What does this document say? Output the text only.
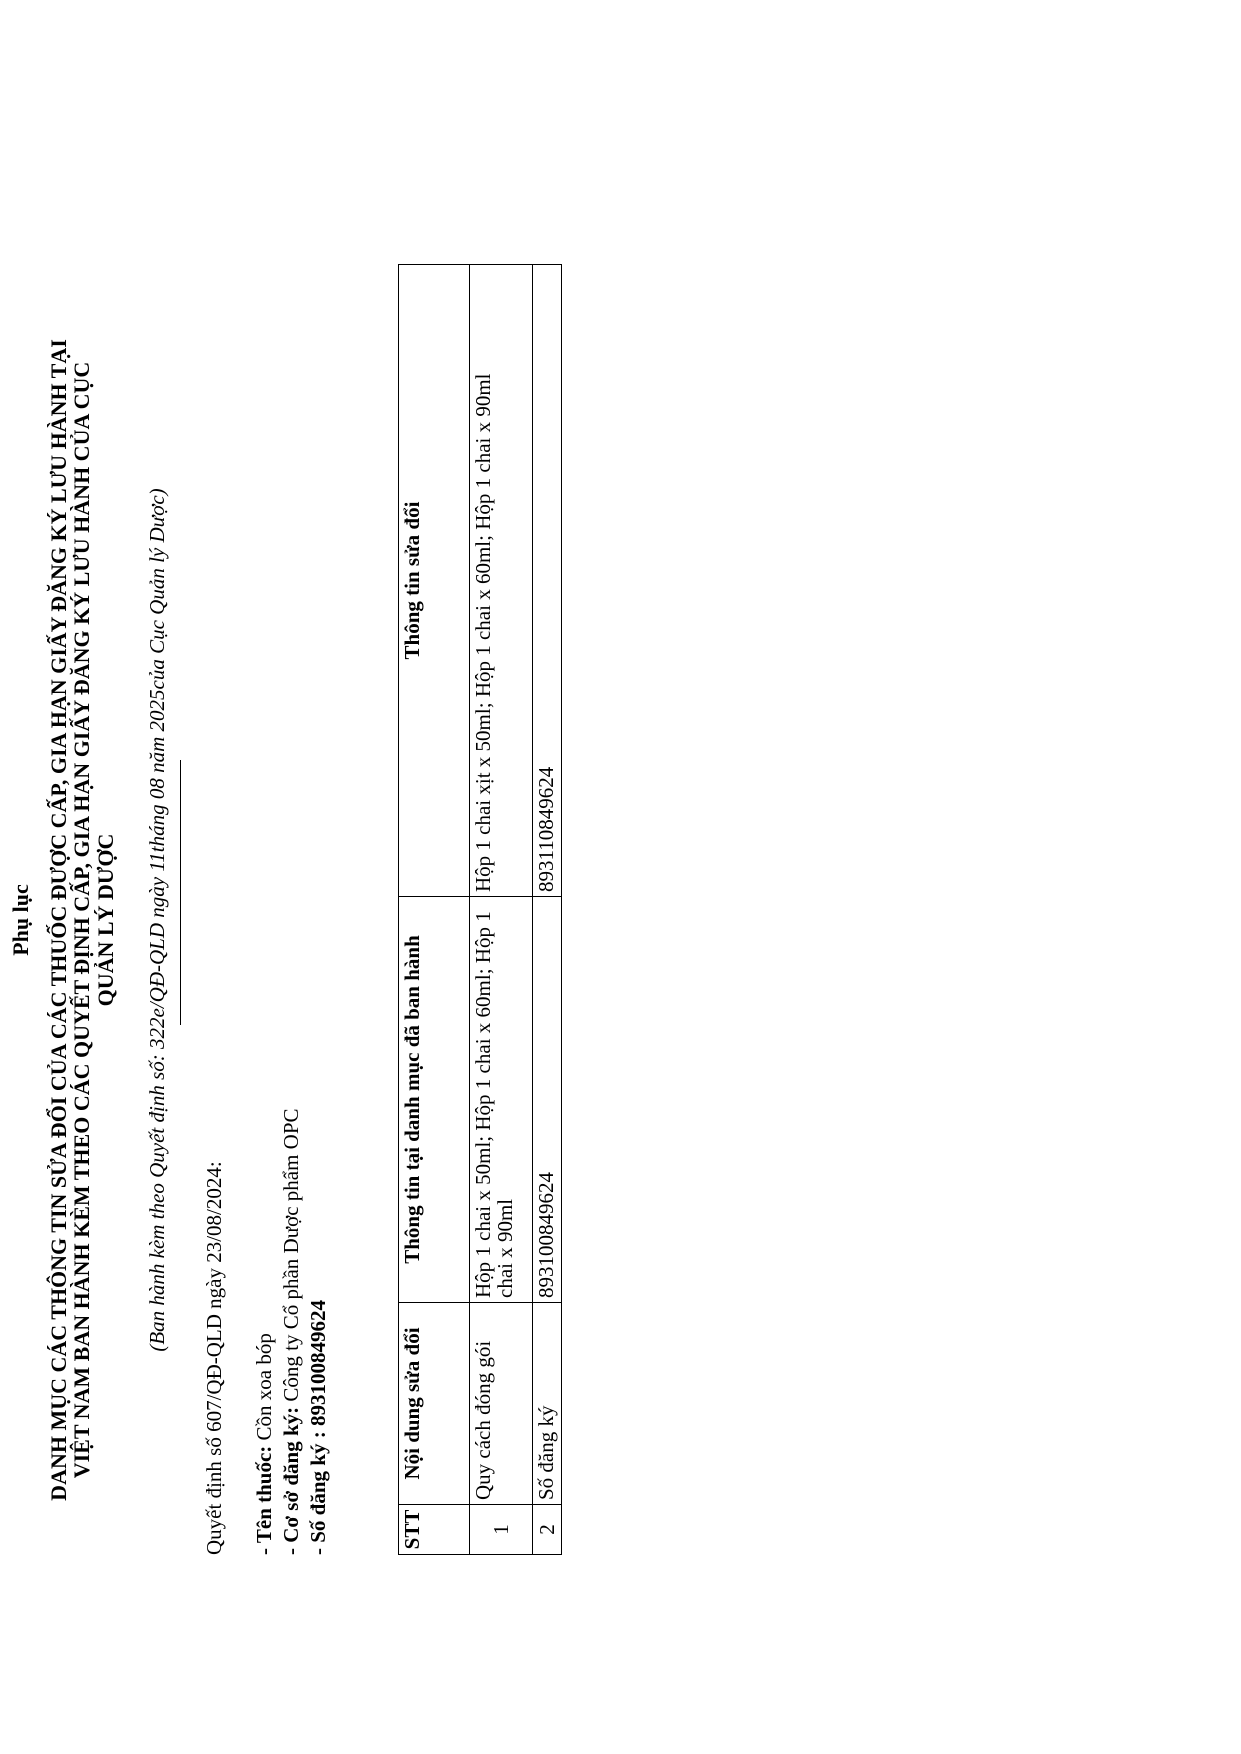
Phụ lục DANH MỤC CÁC THÔNG TIN SỬA ĐỔI CỦA CÁC THUỐC ĐƯỢC CẤP, GIA HẠN GIẤY ĐĂNG KÝ LƯU HÀNH TẠI
VIỆT NAM BAN HÀNH KÈM THEO CÁC QUYẾT ĐỊNH CẤP, GIA HẠN GIẤY ĐĂNG KÝ LƯU HÀNH CỦA CỤC QUẢN LÝ DƯỢC (Ban hành kèm theo Quyết định số: 322e/QĐ-QLD ngày 11tháng 08 năm 2025của Cục Quản lý Dược)
Quyết định số 607/QĐ-QLD ngày 23/08/2024: - Tên thuốc: Cồn xoa bóp
- Cơ sở đăng ký: Công ty Cổ phần Dược phẩm OPC
- Số đăng ký : 893100849624
STT	Nội dung sửa đổi	Thông tin tại danh mục đã ban hành	Thông tin sửa đổi
1	Quy cách đóng gói	Hộp 1 chai x 50ml; Hộp 1 chai x 60ml; Hộp 1 chai x 90ml	Hộp 1 chai xịt x 50ml; Hộp 1 chai x 60ml; Hộp 1 chai x 90ml
2	Số đăng ký	893100849624	893110849624
